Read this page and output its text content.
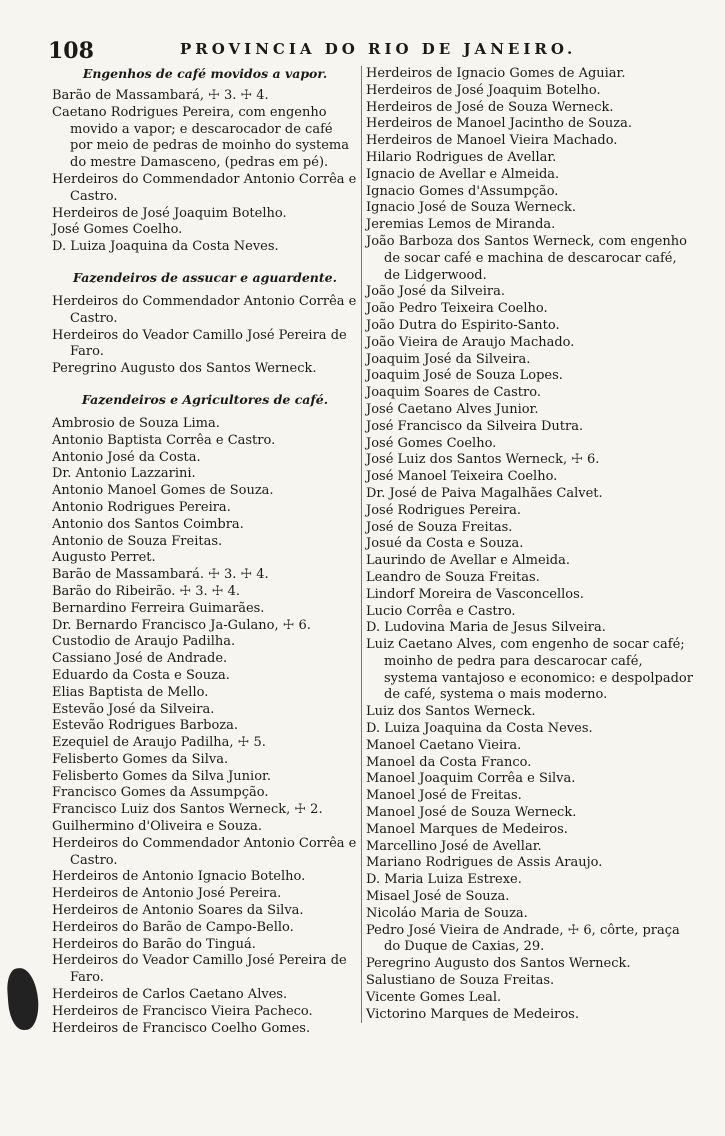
108	PROVINCIA DO RIO DE JANEIRO.

Engenhos de café movidos a vapor.

Barão de Massambará, ☩ 3. ☩ 4.

Caetano Rodrigues Pereira, com engenho movido a vapor; e descarocador de café por meio de pedras de moinho do systema do mestre Damasceno, (pedras em pé).

Herdeiros do Commendador Antonio Corrêa e Castro.

Herdeiros de José Joaquim Botelho.

José Gomes Coelho.

D. Luiza Joaquina da Costa Neves.

Fazendeiros de assucar e aguardente.

Herdeiros do Commendador Antonio Corrêa e Castro.

Herdeiros do Veador Camillo José Pereira de Faro.

Peregrino Augusto dos Santos Werneck.

Fazendeiros e Agricultores de café.

Ambrosio de Souza Lima.

Antonio Baptista Corrêa e Castro.

Antonio José da Costa.

Dr. Antonio Lazzarini.

Antonio Manoel Gomes de Souza.

Antonio Rodrigues Pereira.

Antonio dos Santos Coimbra.

Antonio de Souza Freitas.

Augusto Perret.

Barão de Massambará. ☩ 3. ☩ 4.

Barão do Ribeirão. ☩ 3. ☩ 4.

Bernardino Ferreira Guimarães.

Dr. Bernardo Francisco Ja-Gulano, ☩ 6.

Custodio de Araujo Padilha.

Cassiano José de Andrade.

Eduardo da Costa e Souza.

Elias Baptista de Mello.

Estevão José da Silveira.

Estevão Rodrigues Barboza.

Ezequiel de Araujo Padilha, ☩ 5.

Felisberto Gomes da Silva.

Felisberto Gomes da Silva Junior.

Francisco Gomes da Assumpção.

Francisco Luiz dos Santos Werneck, ☩ 2.

Guilhermino d'Oliveira e Souza.

Herdeiros do Commendador Antonio Corrêa e Castro.

Herdeiros de Antonio Ignacio Botelho.

Herdeiros de Antonio José Pereira.

Herdeiros de Antonio Soares da Silva.

Herdeiros do Barão de Campo-Bello.

Herdeiros do Barão do Tinguá.

Herdeiros do Veador Camillo José Pereira de Faro.

Herdeiros de Carlos Caetano Alves.

Herdeiros de Francisco Vieira Pacheco.

Herdeiros de Francisco Coelho Gomes.

Herdeiros de Ignacio Gomes de Aguiar.

Herdeiros de José Joaquim Botelho.

Herdeiros de José de Souza Werneck.

Herdeiros de Manoel Jacintho de Souza.

Herdeiros de Manoel Vieira Machado.

Hilario Rodrigues de Avellar.

Ignacio de Avellar e Almeida.

Ignacio Gomes d'Assumpção.

Ignacio José de Souza Werneck.

Jeremias Lemos de Miranda.

João Barboza dos Santos Werneck, com engenho de socar café e machina de descarocar café, de Lidgerwood.

João José da Silveira.

João Pedro Teixeira Coelho.

João Dutra do Espirito-Santo.

João Vieira de Araujo Machado.

Joaquim José da Silveira.

Joaquim José de Souza Lopes.

Joaquim Soares de Castro.

José Caetano Alves Junior.

José Francisco da Silveira Dutra.

José Gomes Coelho.

José Luiz dos Santos Werneck, ☩ 6.

José Manoel Teixeira Coelho.

Dr. José de Paiva Magalhães Calvet.

José Rodrigues Pereira.

José de Souza Freitas.

Josué da Costa e Souza.

Laurindo de Avellar e Almeida.

Leandro de Souza Freitas.

Lindorf Moreira de Vasconcellos.

Lucio Corrêa e Castro.

D. Ludovina Maria de Jesus Silveira.

Luiz Caetano Alves, com engenho de socar café; moinho de pedra para descarocar café, systema vantajoso e economico: e despolpador de café, systema o mais moderno.

Luiz dos Santos Werneck.

D. Luiza Joaquina da Costa Neves.

Manoel Caetano Vieira.

Manoel da Costa Franco.

Manoel Joaquim Corrêa e Silva.

Manoel José de Freitas.

Manoel José de Souza Werneck.

Manoel Marques de Medeiros.

Marcellino José de Avellar.

Mariano Rodrigues de Assis Araujo.

D. Maria Luiza Estrexe.

Misael José de Souza.

Nicoláo Maria de Souza.

Pedro José Vieira de Andrade, ☩ 6, côrte, praça do Duque de Caxias, 29.

Peregrino Augusto dos Santos Werneck.

Salustiano de Souza Freitas.

Vicente Gomes Leal.

Victorino Marques de Medeiros.
